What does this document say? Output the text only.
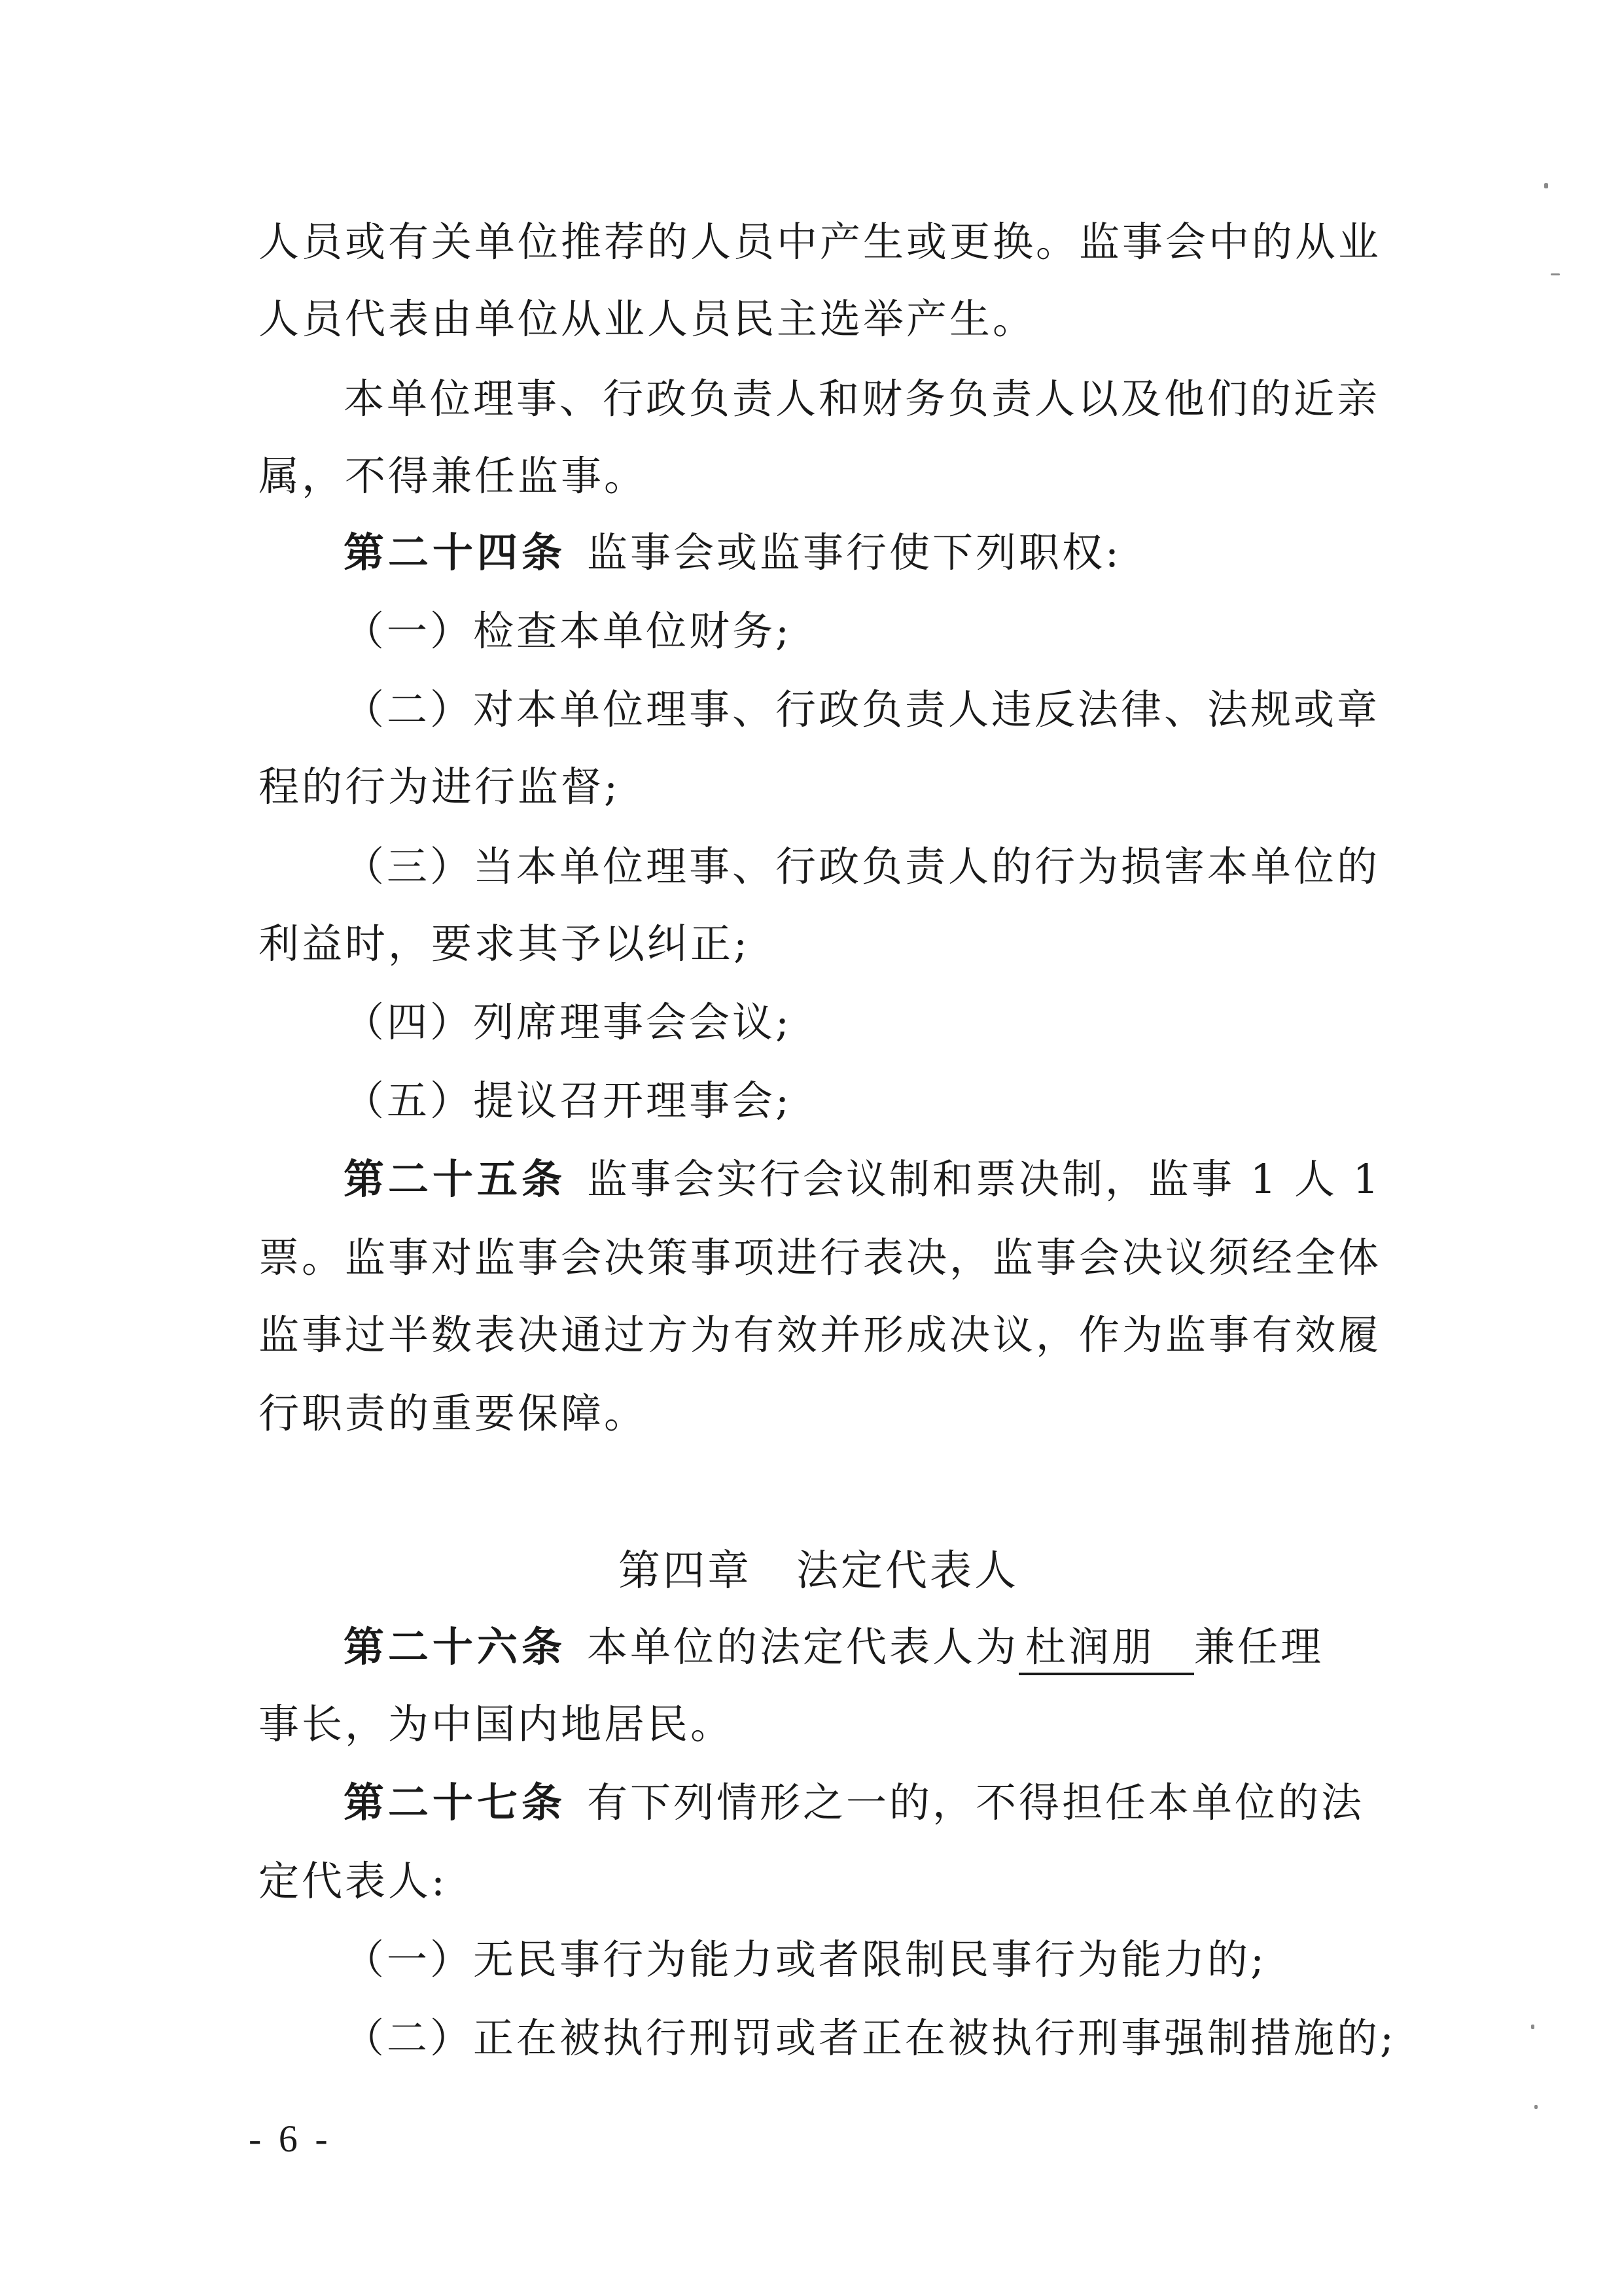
人员或有关单位推荐的人员中产生或更换。监事会中的从业
人员代表由单位从业人员民主选举产生。
本单位理事、行政负责人和财务负责人以及他们的近亲
属，不得兼任监事。
第二十四条 监事会或监事行使下列职权:
（一）检查本单位财务;
（二）对本单位理事、行政负责人违反法律、法规或章
程的行为进行监督;
（三）当本单位理事、行政负责人的行为损害本单位的
利益时，要求其予以纠正;
（四）列席理事会会议;
（五）提议召开理事会;
第二十五条 监事会实行会议制和票决制，监事 1 人 1
票。监事对监事会决策事项进行表决，监事会决议须经全体
监事过半数表决通过方为有效并形成决议，作为监事有效履
行职责的重要保障。
第四章　法定代表人
第二十六条 本单位的法定代表人为 杜润朋 兼任理
事长，为中国内地居民。
第二十七条 有下列情形之一的，不得担任本单位的法
定代表人:
（一）无民事行为能力或者限制民事行为能力的;
（二）正在被执行刑罚或者正在被执行刑事强制措施的;
- 6 -
